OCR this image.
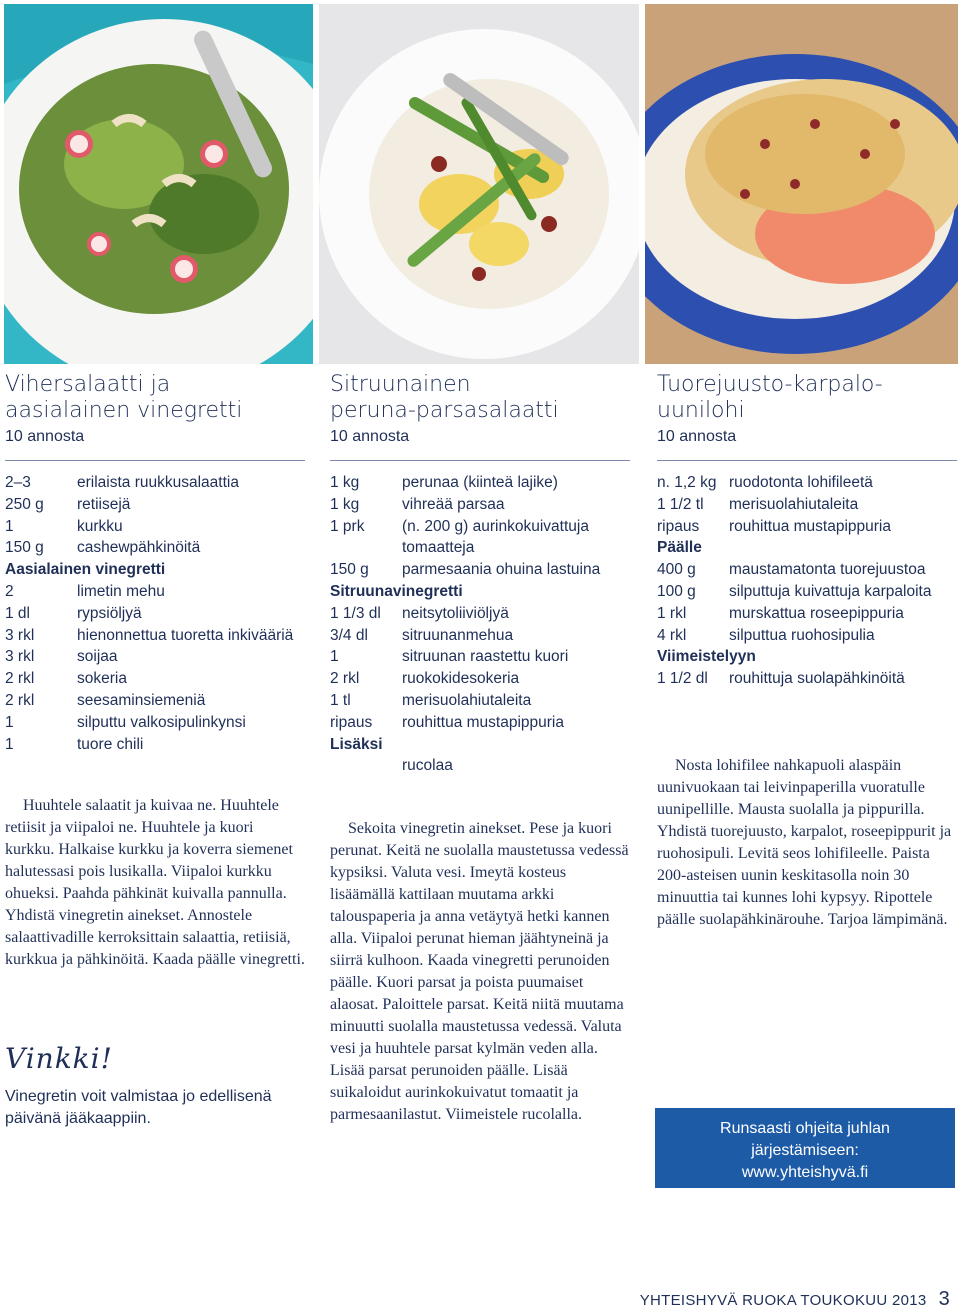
Vihersalaatti ja
aasialainen vinegretti
10 annosta
2–3	erilaista ruukkusalaattia
250 g	retiisejä
1	kurkku
150 g	cashewpähkinöitä
Aasialainen vinegretti
2	limetin mehu
1 dl	rypsiöljyä
3 rkl	hienonnettua tuoretta inkivääriä
3 rkl	soijaa
2 rkl	sokeria
2 rkl	seesaminsiemeniä
1	silputtu valkosipulinkynsi
1	tuore chili

Huuhtele salaatit ja kuivaa ne. Huuhtele retiisit ja viipaloi ne. Huuhtele ja kuori kurkku. Halkaise kurkku ja koverra siemenet halutessasi pois lusikalla. Viipaloi kurkku ohueksi. Paahda pähkinät kuivalla pannulla. Yhdistä vinegretin ainekset. Annostele salaattivadille kerroksittain salaattia, retiisiä, kurkkua ja pähkinöitä. Kaada päälle vinegretti.

Vinkki!
Vinegretin voit valmistaa jo edellisenä päivänä jääkaappiin.
Sitruunainen
peruna-parsasalaatti
10 annosta
1 kg	perunaa (kiinteä lajike)
1 kg	vihreää parsaa
1 prk	(n. 200 g) aurinkokuivattuja tomaatteja
150 g	parmesaania ohuina lastuina
Sitruunavinegretti
1 1/3 dl	neitsytoliiviöljyä
3/4 dl	sitruunanmehua
1	sitruunan raastettu kuori
2 rkl	ruokokidesokeria
1 tl	merisuolahiutaleita
ripaus	rouhittua mustapippuria
Lisäksi
rucolaa

Sekoita vinegretin ainekset. Pese ja kuori perunat. Keitä ne suolalla maustetussa vedessä kypsiksi. Valuta vesi. Imeytä kosteus lisäämällä kattilaan muutama arkki talouspaperia ja anna vetäytyä hetki kannen alla. Viipaloi perunat hieman jäähtyneinä ja siirrä kulhoon. Kaada vinegretti perunoiden päälle. Kuori parsat ja poista puumaiset alaosat. Paloittele parsat. Keitä niitä muutama minuutti suolalla maustetussa vedessä. Valuta vesi ja huuhtele parsat kylmän veden alla. Lisää parsat perunoiden päälle. Lisää suikaloidut aurinkokuivatut tomaatit ja parmesaanilastut. Viimeistele rucolalla.

Tuorejuusto-karpalo-
uunilohi
10 annosta
n. 1,2 kg ruodotonta lohifileetä
1 1/2 tl	merisuolahiutaleita
ripaus	rouhittua mustapippuria
Päälle
400 g	maustamatonta tuorejuustoa
100 g	silputtuja kuivattuja karpaloita
1 rkl	murskattua roseepippuria
4 rkl	silputtua ruohosipulia
Viimeistelyyn
1 1/2 dl	rouhittuja suolapähkinöitä

Nosta lohifilee nahkapuoli alaspäin uunivuokaan tai leivinpaperilla vuoratulle uunipellille. Mausta suolalla ja pippurilla. Yhdistä tuorejuusto, karpalot, roseepippurit ja ruohosipuli. Levitä seos lohifileelle. Paista 200-asteisen uunin keskitasolla noin 30 minuuttia tai kunnes lohi kypsyy. Ripottele päälle suolapähkinärouhe. Tarjoa lämpimänä.

Runsaasti ohjeita juhlan
järjestämiseen:
www.yhteishyvä.fi
YHTEISHYVÄ RUOKA TOUKOKUU 2013 3
